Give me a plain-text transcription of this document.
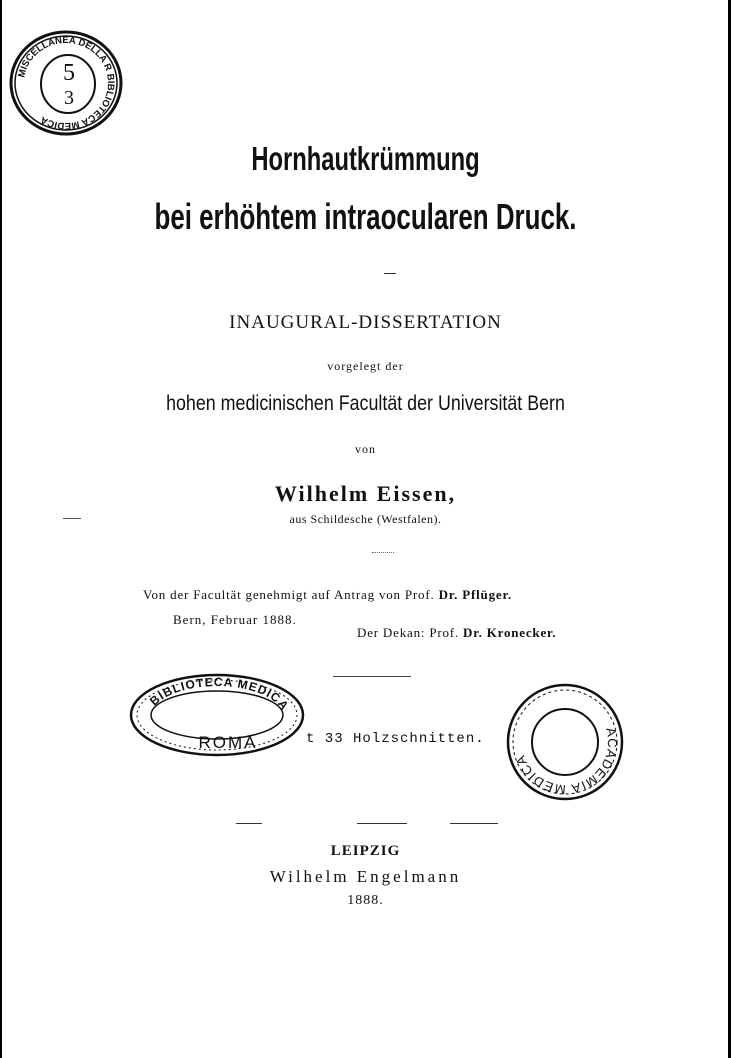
MISCELLANEA DELLA R BIBLIOTECA MEDICA
5
3
Hornhautkrümmung
bei erhöhtem intraocularen Druck.
INAUGURAL-DISSERTATION
vorgelegt der
hohen medicinischen Facultät der Universität Bern
von
Wilhelm Eissen,
aus Schildesche (Westfalen).
Von der Facultät genehmigt auf Antrag von Prof. Dr. Pflüger.
Bern, Februar 1888.
Der Dekan: Prof. Dr. Kronecker.
BIBLIOTECA MEDICA
ROMA	t 33 Holzschnitten.	ACADEMIA MEDICA
LEIPZIG
Wilhelm Engelmann
1888.
